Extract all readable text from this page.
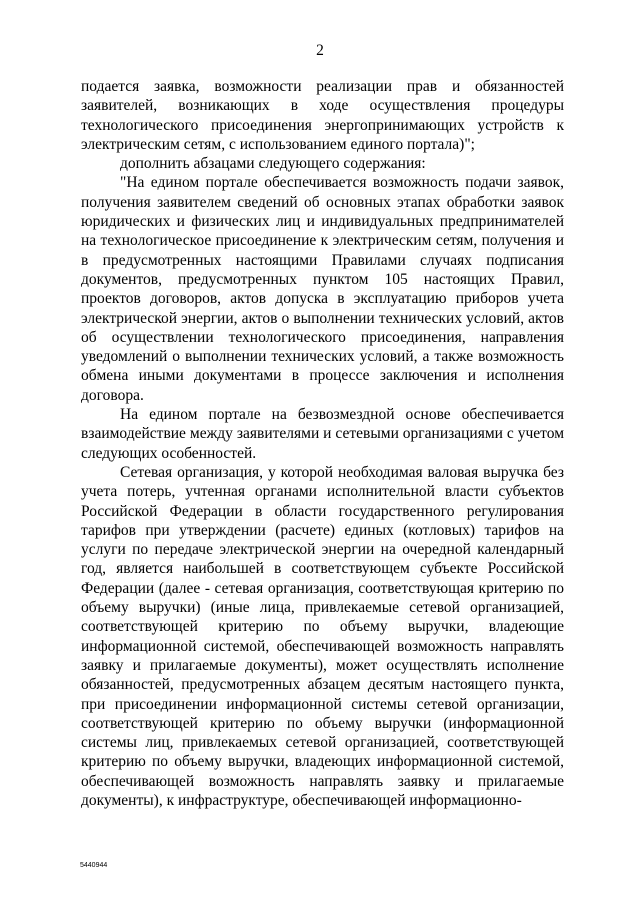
2

подается заявка, возможности реализации прав и обязанностей заявителей, возникающих в ходе осуществления процедуры технологического присоединения энергопринимающих устройств к электрическим сетям, с использованием единого портала)";

дополнить абзацами следующего содержания:

"На едином портале обеспечивается возможность подачи заявок, получения заявителем сведений об основных этапах обработки заявок юридических и физических лиц и индивидуальных предпринимателей на технологическое присоединение к электрическим сетям, получения и в предусмотренных настоящими Правилами случаях подписания документов, предусмотренных пунктом 105 настоящих Правил, проектов договоров, актов допуска в эксплуатацию приборов учета электрической энергии, актов о выполнении технических условий, актов об осуществлении технологического присоединения, направления уведомлений о выполнении технических условий, а также возможность обмена иными документами в процессе заключения и исполнения договора.

На едином портале на безвозмездной основе обеспечивается взаимодействие между заявителями и сетевыми организациями с учетом следующих особенностей.

Сетевая организация, у которой необходимая валовая выручка без учета потерь, учтенная органами исполнительной власти субъектов Российской Федерации в области государственного регулирования тарифов при утверждении (расчете) единых (котловых) тарифов на услуги по передаче электрической энергии на очередной календарный год, является наибольшей в соответствующем субъекте Российской Федерации (далее - сетевая организация, соответствующая критерию по объему выручки) (иные лица, привлекаемые сетевой организацией, соответствующей критерию по объему выручки, владеющие информационной системой, обеспечивающей возможность направлять заявку и прилагаемые документы), может осуществлять исполнение обязанностей, предусмотренных абзацем десятым настоящего пункта, при присоединении информационной системы сетевой организации, соответствующей критерию по объему выручки (информационной системы лиц, привлекаемых сетевой организацией, соответствующей критерию по объему выручки, владеющих информационной системой, обеспечивающей возможность направлять заявку и прилагаемые документы), к инфраструктуре, обеспечивающей информационно-

5440944
